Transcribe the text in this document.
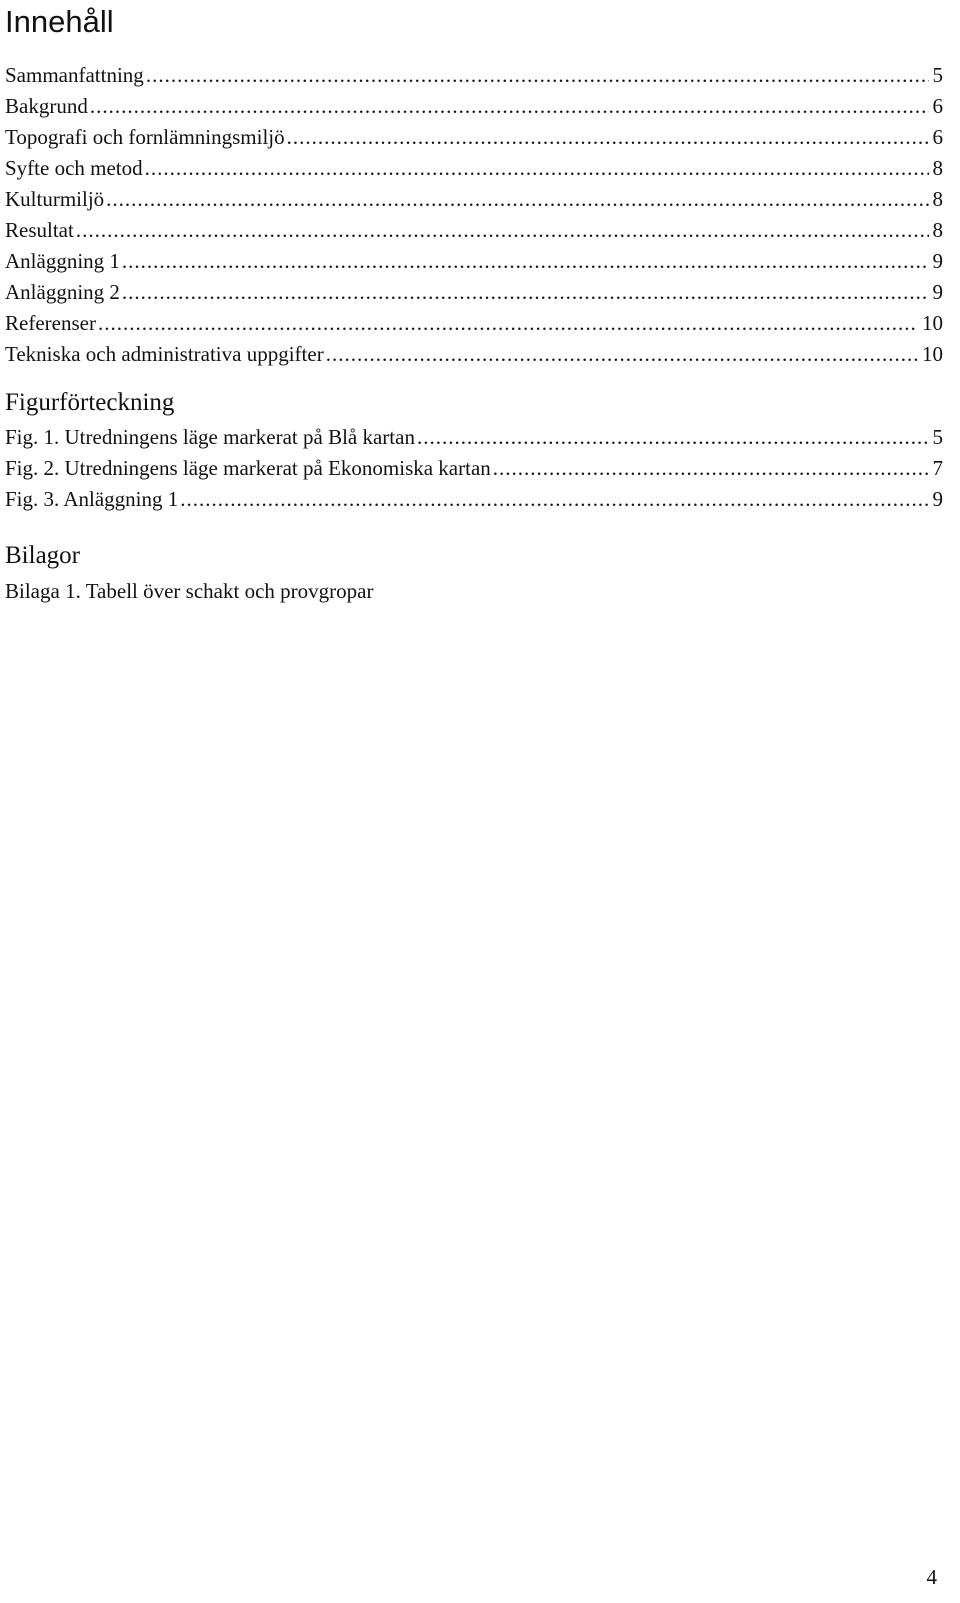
Innehåll
Sammanfattning .....	5
Bakgrund .....	6
Topografi och fornlämningsmiljö .....	6
Syfte och metod .....	8
Kulturmiljö .....	8
Resultat .....	8
Anläggning 1 .....	9
Anläggning 2 .....	9
Referenser .....	10
Tekniska och administrativa uppgifter .....	10
Figurförteckning
Fig. 1. Utredningens läge markerat på Blå kartan .....	5
Fig. 2. Utredningens läge markerat på Ekonomiska kartan .....	7
Fig. 3. Anläggning 1 .....	9
Bilagor
Bilaga 1. Tabell över schakt och provgropar
4
